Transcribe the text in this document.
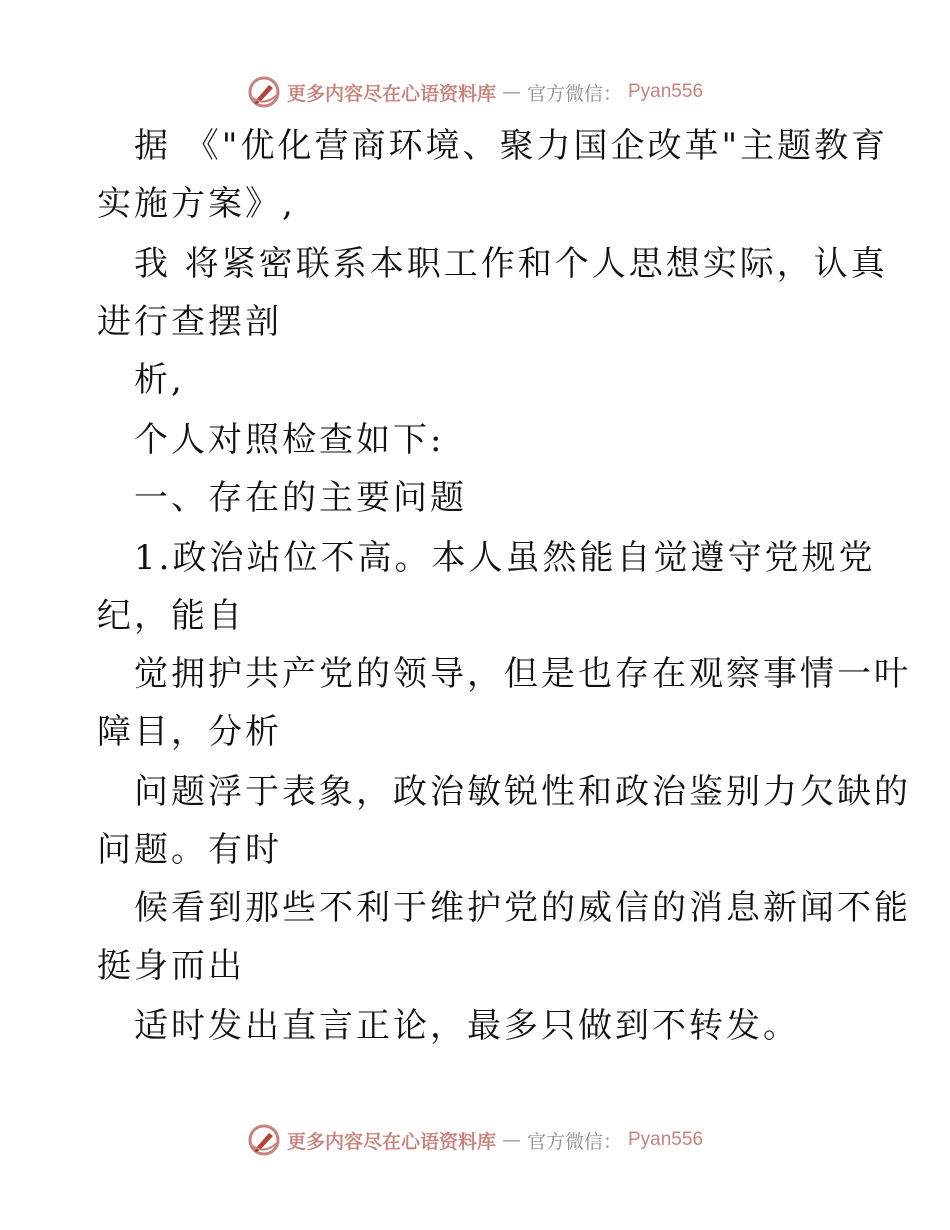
更多内容尽在心语资料库 — 官方微信： Pyan556
据 《"优化营商环境、聚力国企改革"主题教育
实施方案》,
我 将紧密联系本职工作和个人思想实际，认真
进行查摆剖
析,
个人对照检查如下:
一、存在的主要问题
1.政治站位不高。本人虽然能自觉遵守党规党
纪，能自
觉拥护共产党的领导，但是也存在观察事情一叶
障目，分析
问题浮于表象，政治敏锐性和政治鉴别力欠缺的
问题。有时
候看到那些不利于维护党的威信的消息新闻不能
挺身而出
适时发出直言正论，最多只做到不转发。
更多内容尽在心语资料库 — 官方微信： Pyan556
